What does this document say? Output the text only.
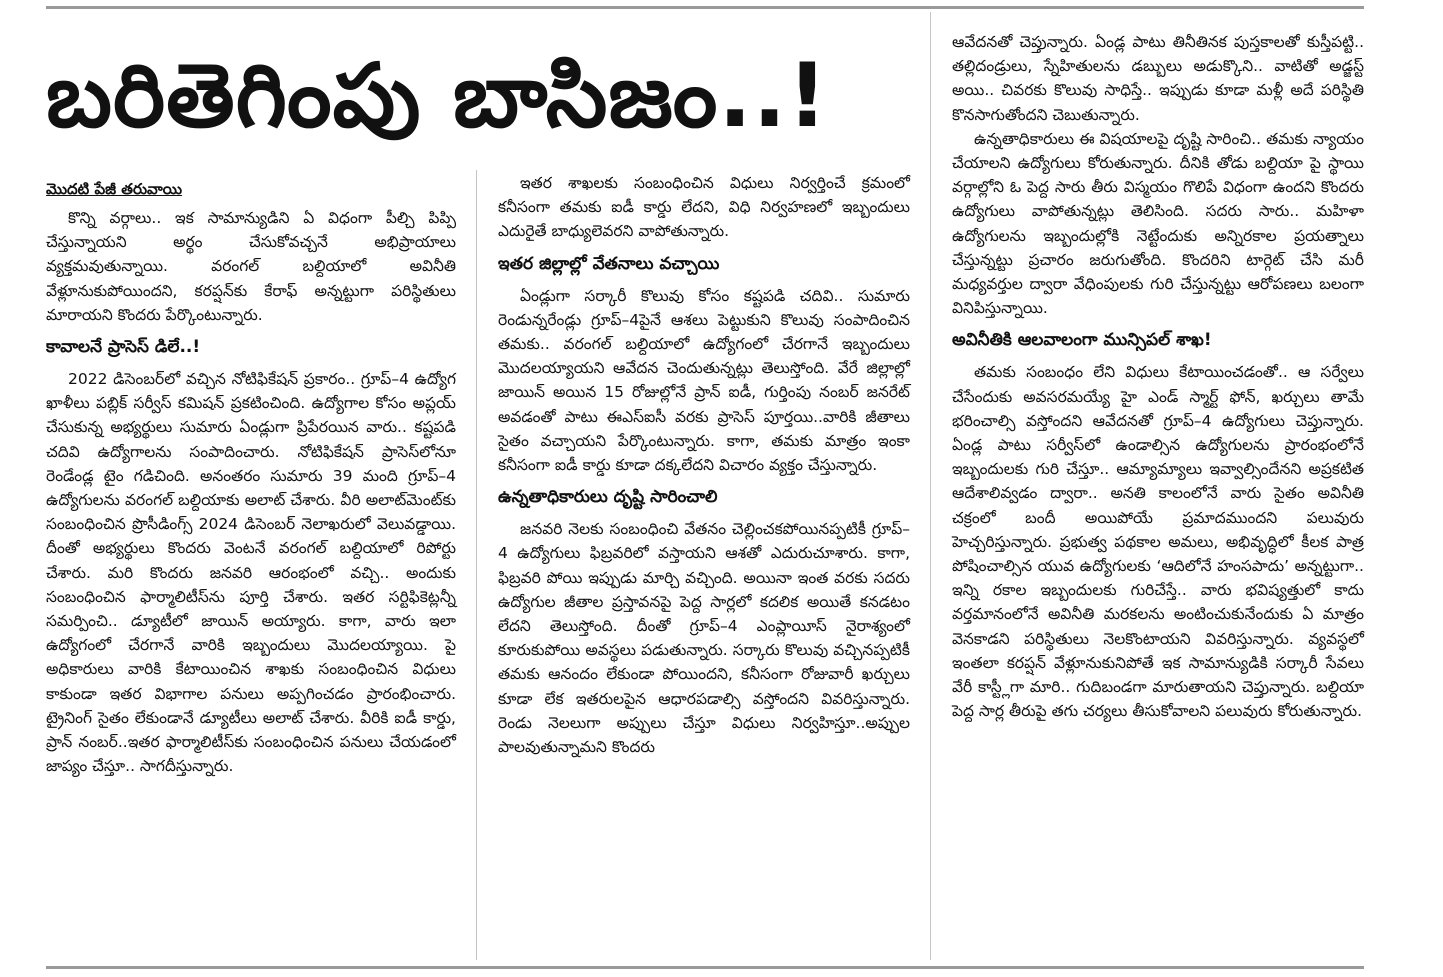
బరితెగింపు బాసిజం..!
మొదటి పేజీ తరువాయి

కొన్ని వర్గాలు.. ఇక సామాన్యుడిని ఏ విధంగా పీల్చి పిప్పి చేస్తున్నాయని అర్థం చేసుకోవచ్చనే అభిప్రాయాలు వ్యక్తమవుతున్నాయి. వరంగల్ బల్దియాలో అవినీతి వేళ్లూనుకుపోయిందని, కరప్షన్‌కు కేరాఫ్ అన్నట్టుగా పరిస్థితులు మారాయని కొందరు పేర్కొంటున్నారు.

కావాలనే ప్రాసెస్ డిలే..!

2022 డిసెంబర్‌లో వచ్చిన నోటిఫికేషన్ ప్రకారం.. గ్రూప్–4 ఉద్యోగ ఖాళీలు పబ్లిక్ సర్వీస్ కమిషన్ ప్రకటించింది. ఉద్యోగాల కోసం అప్లయ్ చేసుకున్న అభ్యర్థులు సుమారు ఏండ్లుగా ప్రిపేరయిన వారు.. కష్టపడి చదివి ఉద్యోగాలను సంపాదించారు. నోటిఫికేషన్ ప్రాసెస్‌లోనూ రెండేండ్ల టైం గడిచింది. అనంతరం సుమారు 39 మంది గ్రూప్–4 ఉద్యోగులను వరంగల్ బల్దియాకు అలాట్ చేశారు. వీరి అలాట్‌మెంట్‌కు సంబంధించిన ప్రొసీడింగ్స్ 2024 డిసెంబర్ నెలాఖరులో వెలువడ్డాయి. దీంతో అభ్యర్థులు కొందరు వెంటనే వరంగల్ బల్దియాలో రిపోర్టు చేశారు. మరి కొందరు జనవరి ఆరంభంలో వచ్చి.. అందుకు సంబంధించిన ఫార్మాలిటీస్‌ను పూర్తి చేశారు. ఇతర సర్టిఫికెట్లన్నీ సమర్పించి.. డ్యూటీలో జాయిన్ అయ్యారు. కాగా, వారు ఇలా ఉద్యోగంలో చేరగానే వారికి ఇబ్బందులు మొదలయ్యాయి. పై అధికారులు వారికి కేటాయించిన శాఖకు సంబంధించిన విధులు కాకుండా ఇతర విభాగాల పనులు అప్పగించడం ప్రారంభించారు. ట్రైనింగ్ సైతం లేకుండానే డ్యూటీలు అలాట్ చేశారు. వీరికి ఐడీ కార్డు, ప్రాన్ నంబర్..ఇతర ఫార్మాలిటీస్‌కు సంబంధించిన పనులు చేయడంలో జాప్యం చేస్తూ.. సాగదీస్తున్నారు.

ఇతర శాఖలకు సంబంధించిన విధులు నిర్వర్తించే క్రమంలో కనీసంగా తమకు ఐడీ కార్డు లేదని, విధి నిర్వహణలో ఇబ్బందులు ఎదురైతే బాధ్యులెవరని వాపోతున్నారు.

ఇతర జిల్లాల్లో వేతనాలు వచ్చాయి

ఏండ్లుగా సర్కారీ కొలువు కోసం కష్టపడి చదివి.. సుమారు రెండున్నరేండ్లు గ్రూప్–4పైనే ఆశలు పెట్టుకుని కొలువు సంపాదించిన తమకు.. వరంగల్ బల్దియాలో ఉద్యోగంలో చేరగానే ఇబ్బందులు మొదలయ్యాయని ఆవేదన చెందుతున్నట్లు తెలుస్తోంది. వేరే జిల్లాల్లో జాయిన్ అయిన 15 రోజుల్లోనే ప్రాన్ ఐడీ, గుర్తింపు నంబర్ జనరేట్ అవడంతో పాటు ఈఎస్ఐసీ వరకు ప్రాసెస్ పూర్తయి..వారికి జీతాలు సైతం వచ్చాయని పేర్కొంటున్నారు. కాగా, తమకు మాత్రం ఇంకా కనీసంగా ఐడీ కార్డు కూడా దక్కలేదని విచారం వ్యక్తం చేస్తున్నారు.

ఉన్నతాధికారులు దృష్టి సారించాలి

జనవరి నెలకు సంబంధించి వేతనం చెల్లించకపోయినప్పటికీ గ్రూప్–4 ఉద్యోగులు ఫిబ్రవరిలో వస్తాయని ఆశతో ఎదురుచూశారు. కాగా, ఫిబ్రవరి పోయి ఇప్పుడు మార్చి వచ్చింది. అయినా ఇంత వరకు సదరు ఉద్యోగుల జీతాల ప్రస్తావనపై పెద్ద సార్లలో కదలిక అయితే కనడటం లేదని తెలుస్తోంది. దీంతో గ్రూప్–4 ఎంప్లాయీస్ నైరాశ్యంలో కూరుకుపోయి అవస్థలు పడుతున్నారు. సర్కారు కొలువు వచ్చినప్పటికీ తమకు ఆనందం లేకుండా పోయిందని, కనీసంగా రోజువారీ ఖర్చులు కూడా లేక ఇతరులపైన ఆధారపడాల్సి వస్తోందని వివరిస్తున్నారు. రెండు నెలలుగా అప్పులు చేస్తూ విధులు నిర్వహిస్తూ..అప్పుల పాలవుతున్నామని కొందరు

ఆవేదనతో చెప్తున్నారు. ఏండ్ల పాటు తినీతినక పుస్తకాలతో కుస్తీపట్టి.. తల్లిదండ్రులు, స్నేహితులను డబ్బులు అడుక్కొని.. వాటితో అడ్జస్ట్ అయి.. చివరకు కొలువు సాధిస్తే.. ఇప్పుడు కూడా మళ్లీ అదే పరిస్థితి కొనసాగుతోందని చెబుతున్నారు.

ఉన్నతాధికారులు ఈ విషయాలపై దృష్టి సారించి.. తమకు న్యాయం చేయాలని ఉద్యోగులు కోరుతున్నారు. దీనికి తోడు బల్దియా పై స్థాయి వర్గాల్లోని ఓ పెద్ద సారు తీరు విస్మయం గొలిపే విధంగా ఉందని కొందరు ఉద్యోగులు వాపోతున్నట్లు తెలిసింది. సదరు సారు.. మహిళా ఉద్యోగులను ఇబ్బందుల్లోకి నెట్టేందుకు అన్నిరకాల ప్రయత్నాలు చేస్తున్నట్టు ప్రచారం జరుగుతోంది. కొందరిని టార్గెట్ చేసి మరీ మధ్యవర్తుల ద్వారా వేధింపులకు గురి చేస్తున్నట్టు ఆరోపణలు బలంగా వినిపిస్తున్నాయి.

అవినీతికి ఆలవాలంగా మున్సిపల్ శాఖ!

తమకు సంబంధం లేని విధులు కేటాయించడంతో.. ఆ సర్వేలు చేసేందుకు అవసరమయ్యే హై ఎండ్ స్మార్ట్ ఫోన్, ఖర్చులు తామే భరించాల్సి వస్తోందని ఆవేదనతో గ్రూప్–4 ఉద్యోగులు చెప్తున్నారు. ఏండ్ల పాటు సర్వీస్‌లో ఉండాల్సిన ఉద్యోగులను ప్రారంభంలోనే ఇబ్బందులకు గురి చేస్తూ.. ఆమ్యామ్యాలు ఇవ్వాల్సిందేనని అప్రకటిత ఆదేశాలివ్వడం ద్వారా.. అనతి కాలంలోనే వారు సైతం అవినీతి చక్రంలో బందీ అయిపోయే ప్రమాదముందని పలువురు హెచ్చరిస్తున్నారు. ప్రభుత్వ పథకాల అమలు, అభివృద్ధిలో కీలక పాత్ర పోషించాల్సిన యువ ఉద్యోగులకు ‘ఆదిలోనే హంసపాదు’ అన్నట్టుగా.. ఇన్ని రకాల ఇబ్బందులకు గురిచేస్తే.. వారు భవిష్యత్తులో కాదు వర్తమానంలోనే అవినీతి మరకలను అంటించుకునేందుకు ఏ మాత్రం వెనకాడని పరిస్థితులు నెలకొంటాయని వివరిస్తున్నారు. వ్యవస్థలో ఇంతలా కరప్షన్ వేళ్లూనుకునిపోతే ఇక సామాన్యుడికి సర్కారీ సేవలు వేరీ కాస్ట్లీగా మారి.. గుదిబండగా మారుతాయని చెప్తున్నారు. బల్దియా పెద్ద సార్ల తీరుపై తగు చర్యలు తీసుకోవాలని పలువురు కోరుతున్నారు.
